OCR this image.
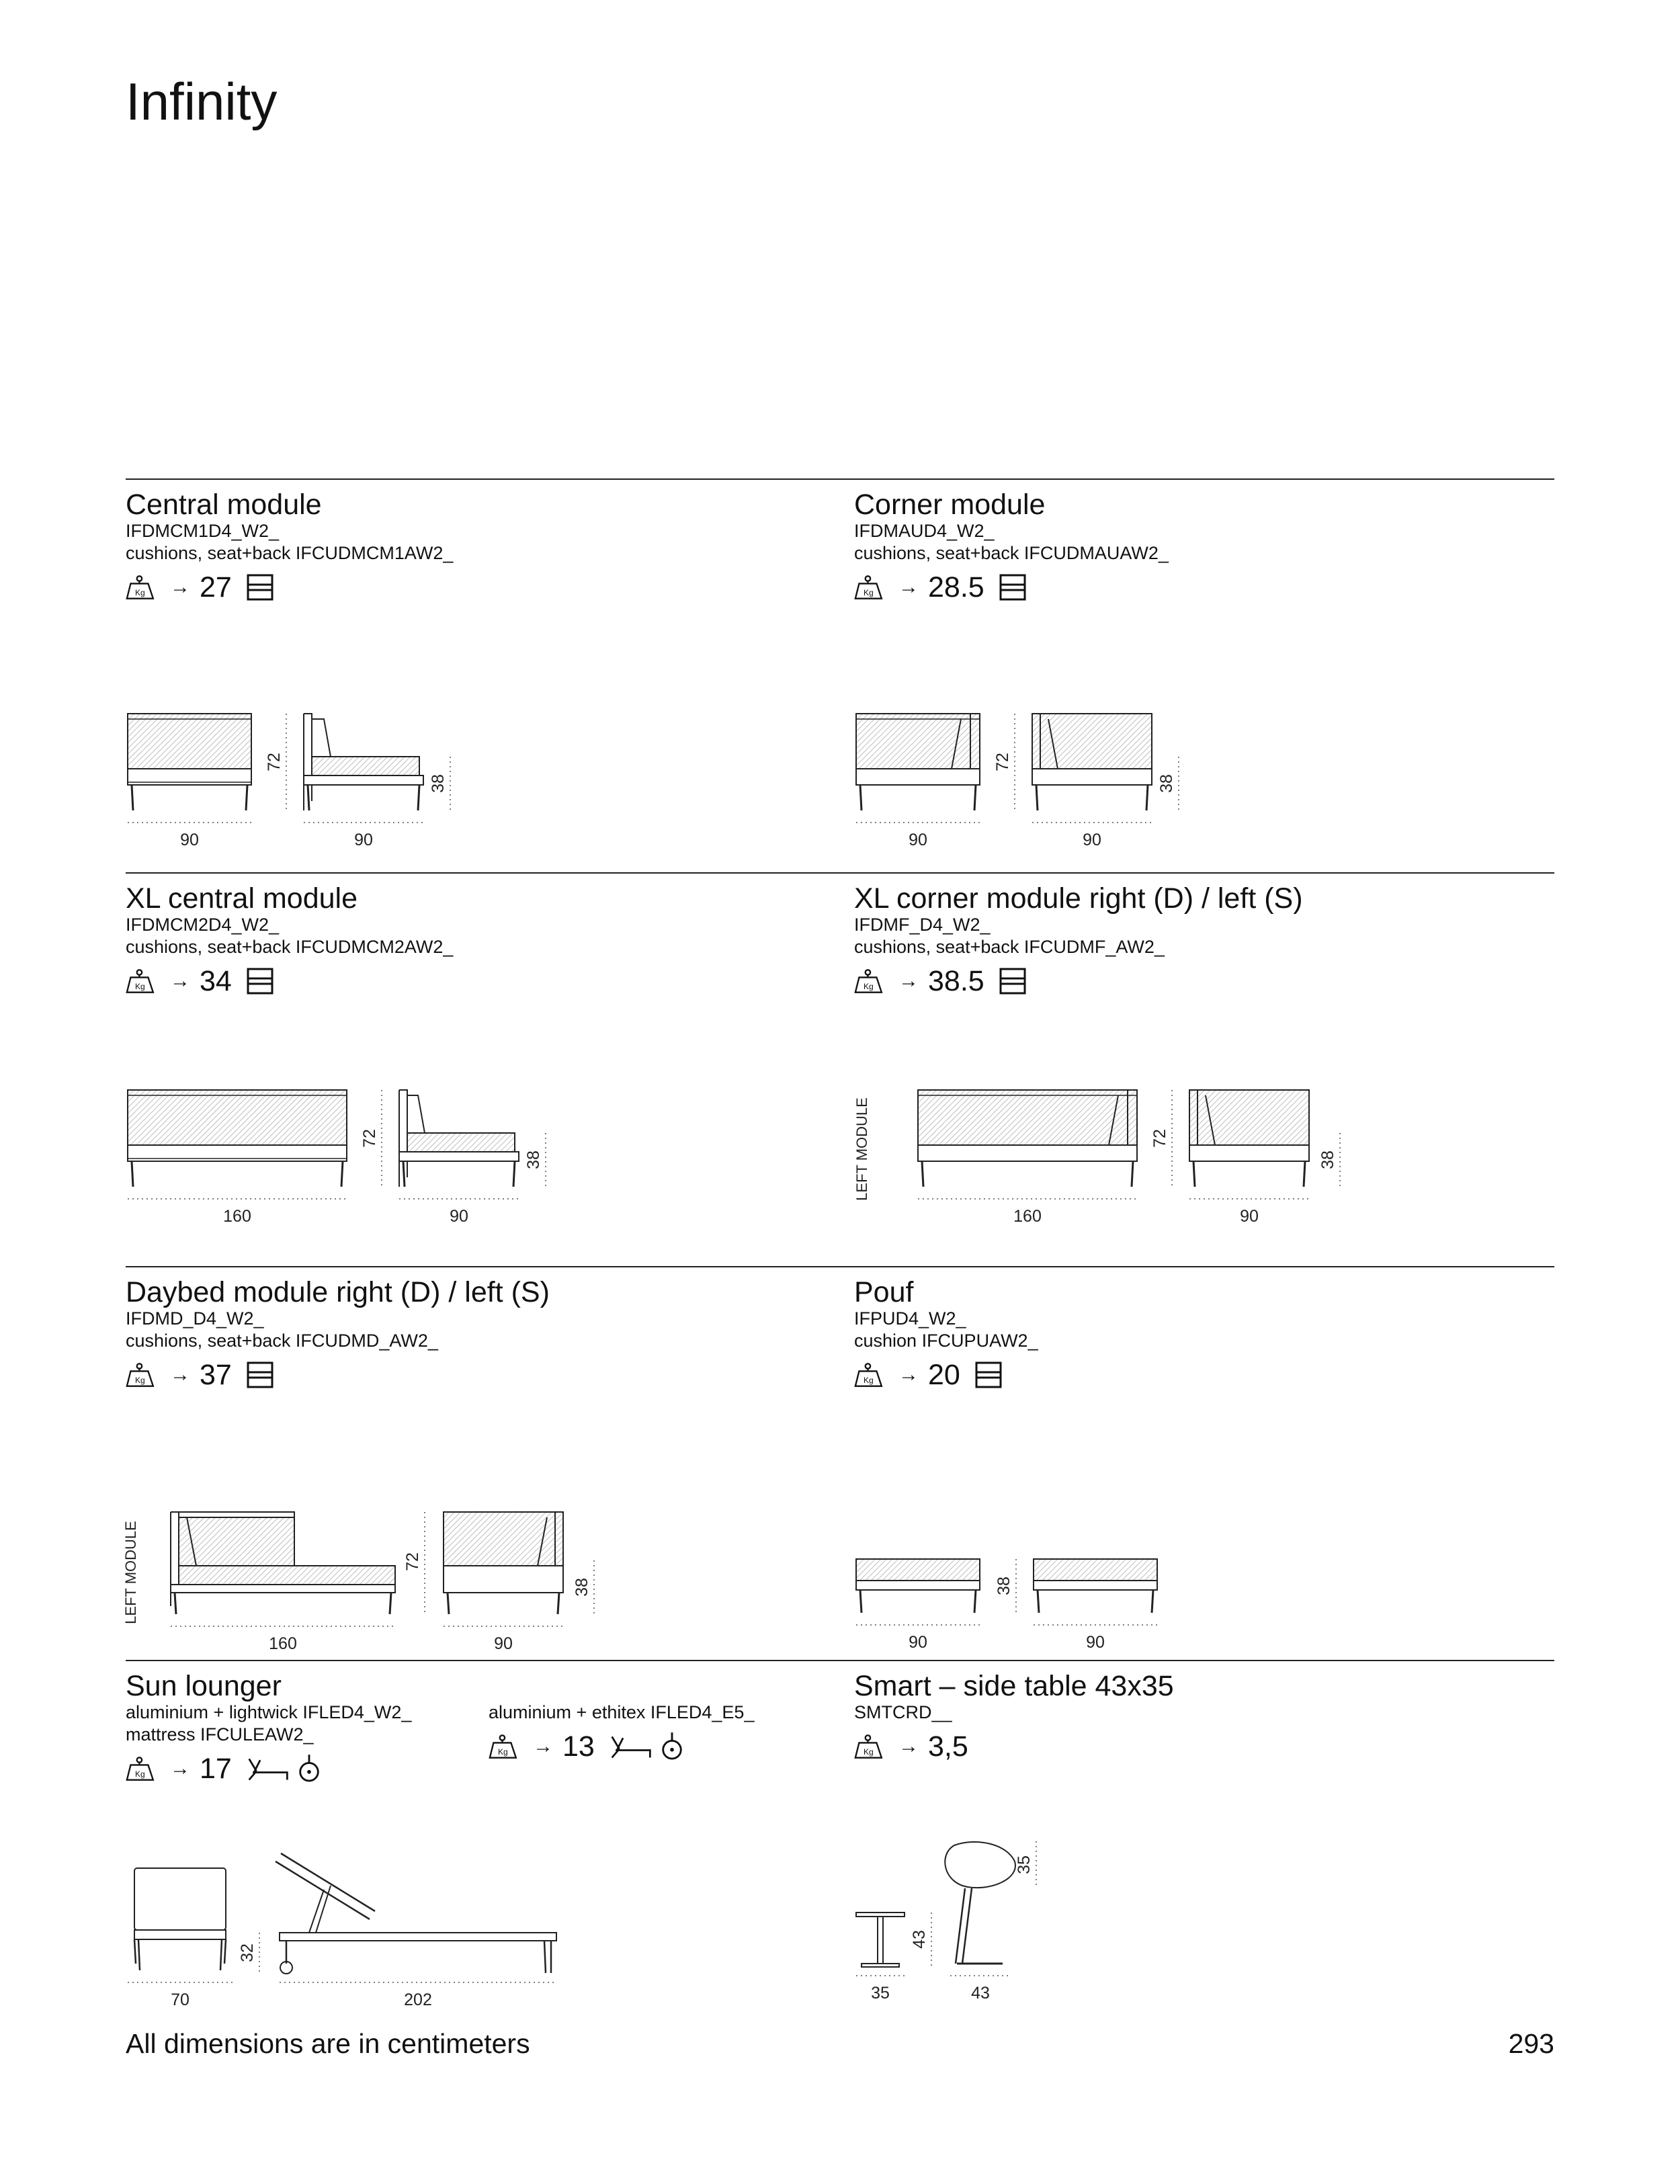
Infinity
Central module
IFDMCM1D4_W2_
cushions, seat+back IFCUDMCM1AW2_
→ 27
90	90
72
38
Corner module
IFDMAUD4_W2_
cushions, seat+back IFCUDMAUAW2_
→ 28.5
90	90
72
38
XL central module
IFDMCM2D4_W2_
cushions, seat+back IFCUDMCM2AW2_
→ 34
160	90
72
38
XL corner module right (D) / left (S)
IFDMF_D4_W2_
cushions, seat+back IFCUDMF_AW2_
→ 38.5
LEFT MODULE
160	90
72
38
Daybed module right (D) / left (S)
IFDMD_D4_W2_
cushions, seat+back IFCUDMD_AW2_
→ 37
LEFT MODULE
160	90
72
38
Pouf
IFPUD4_W2_
cushion IFCUPUAW2_
→ 20
90	90
38
Sun lounger
aluminium + lightwick IFLED4_W2_
mattress IFCULEAW2_
→ 17
aluminium + ethitex IFLED4_E5_
→ 13
70	202
32
Smart – side table 43x35
SMTCRD__
→ 3,5
35	43
43
35
All dimensions are in centimeters	293
